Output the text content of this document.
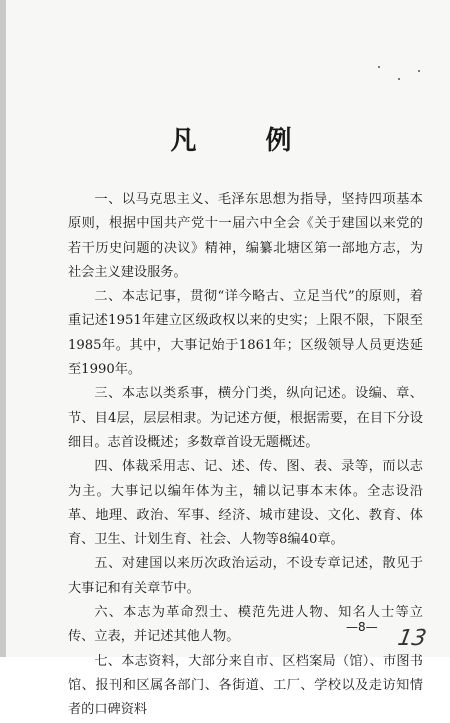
凡 例

一、以马克思主义、毛泽东思想为指导，坚持四项基本原则，根据中国共产党十一届六中全会《关于建国以来党的若干历史问题的决议》精神，编纂北塘区第一部地方志，为社会主义建设服务。

二、本志记事，贯彻“详今略古、立足当代”的原则，着重记述1951年建立区级政权以来的史实；上限不限，下限至1985年。其中，大事记始于1861年；区级领导人员更迭延至1990年。

三、本志以类系事，横分门类，纵向记述。设编、章、节、目4层，层层相隶。为记述方便，根据需要，在目下分设细目。志首设概述；多数章首设无题概述。

四、体裁采用志、记、述、传、图、表、录等，而以志为主。大事记以编年体为主，辅以记事本末体。全志设沿革、地理、政治、军事、经济、城市建设、文化、教育、体育、卫生、计划生育、社会、人物等8编40章。

五、对建国以来历次政治运动，不设专章记述，散见于大事记和有关章节中。

六、本志为革命烈士、模范先进人物、知名人士等立传、立表，并记述其他人物。

七、本志资料，大部分来自市、区档案局（馆）、市图书馆、报刊和区属各部门、各街道、工厂、学校以及走访知情者的口碑资料

—8— 13
